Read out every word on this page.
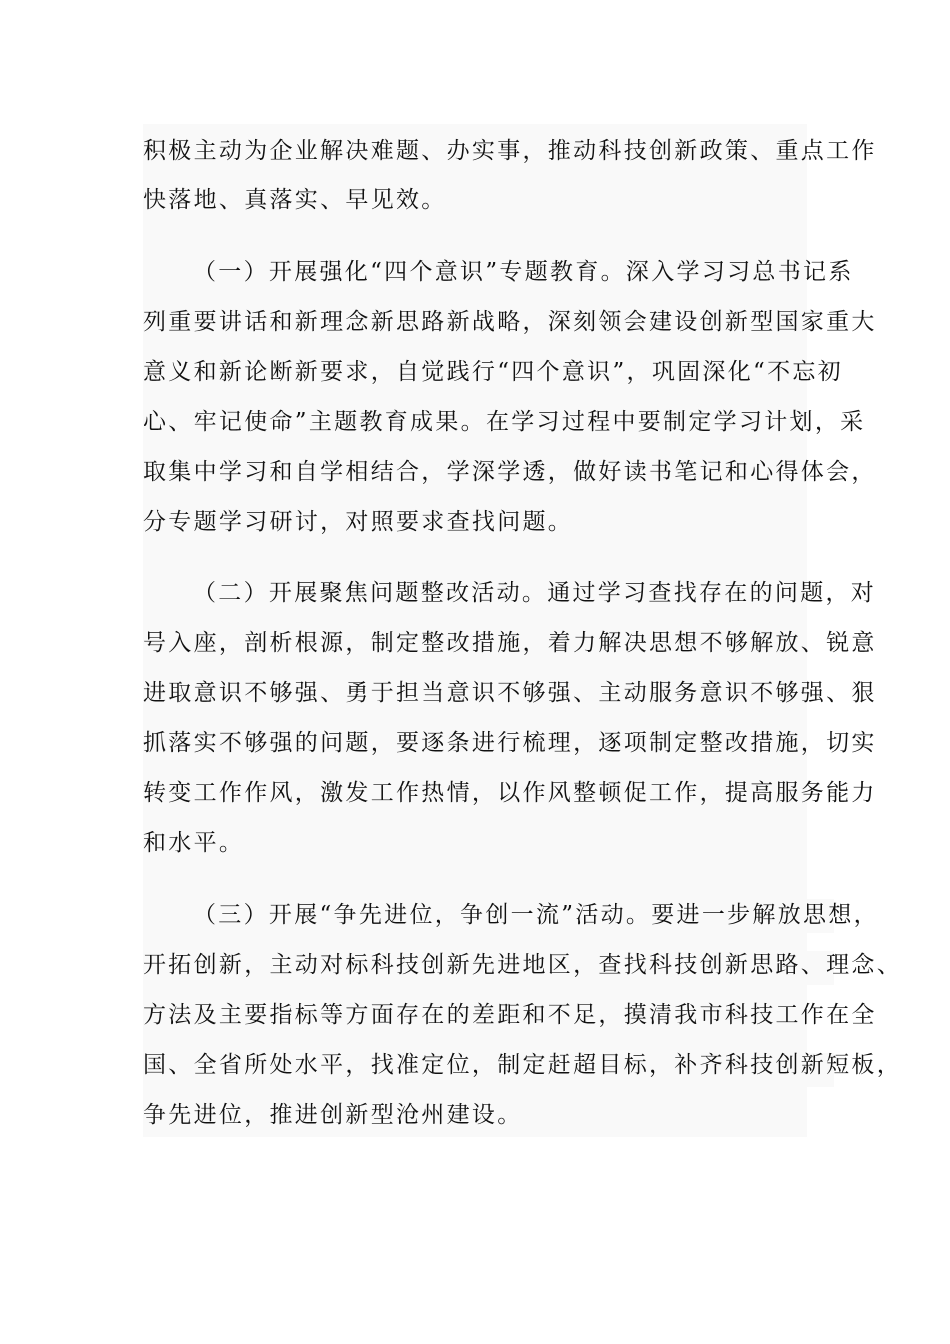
积极主动为企业解决难题、办实事，推动科技创新政策、重点工作
快落地、真落实、早见效。
（一）开展强化“四个意识”专题教育。深入学习习总书记系
列重要讲话和新理念新思路新战略，深刻领会建设创新型国家重大
意义和新论断新要求，自觉践行“四个意识”，巩固深化“不忘初
心、牢记使命”主题教育成果。在学习过程中要制定学习计划，采
取集中学习和自学相结合，学深学透，做好读书笔记和心得体会，
分专题学习研讨，对照要求查找问题。
（二）开展聚焦问题整改活动。通过学习查找存在的问题，对
号入座，剖析根源，制定整改措施，着力解决思想不够解放、锐意
进取意识不够强、勇于担当意识不够强、主动服务意识不够强、狠
抓落实不够强的问题，要逐条进行梳理，逐项制定整改措施，切实
转变工作作风，激发工作热情，以作风整顿促工作，提高服务能力
和水平。
（三）开展“争先进位，争创一流”活动。要进一步解放思想，
开拓创新，主动对标科技创新先进地区，查找科技创新思路、理念、
方法及主要指标等方面存在的差距和不足，摸清我市科技工作在全
国、全省所处水平，找准定位，制定赶超目标，补齐科技创新短板，
争先进位，推进创新型沧州建设。
